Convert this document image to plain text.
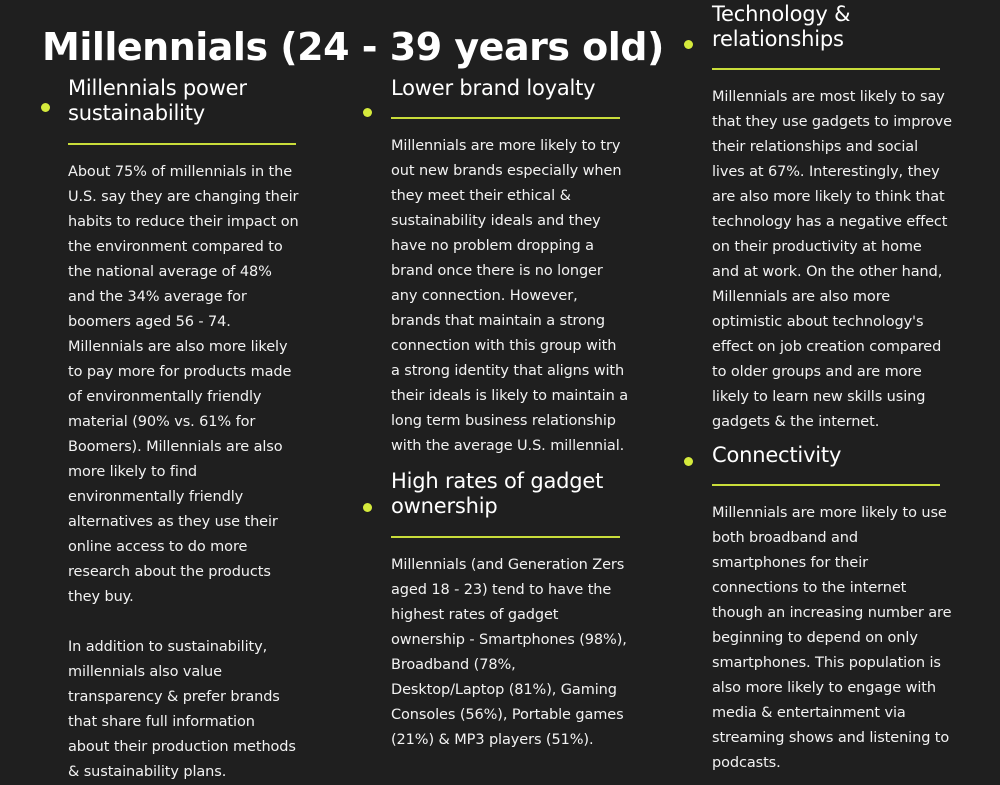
Millennials (24 - 39 years old)
Millennials power
sustainability

About 75% of millennials in the U.S. say they are changing their habits to reduce their impact on the environment compared to the national average of 48% and the 34% average for boomers aged 56 - 74. Millennials are also more likely to pay more for products made of environmentally friendly material (90% vs. 61% for Boomers). Millennials are also more likely to find environmentally friendly alternatives as they use their online access to do more research about the products they buy.

In addition to sustainability, millennials also value transparency & prefer brands that share full information about their production methods & sustainability plans.

Lower brand loyalty

Millennials are more likely to try out new brands especially when they meet their ethical & sustainability ideals and they have no problem dropping a brand once there is no longer any connection. However, brands that maintain a strong connection with this group with a strong identity that aligns with their ideals is likely to maintain a long term business relationship with the average U.S. millennial.

High rates of gadget
ownership

Millennials (and Generation Zers aged 18 - 23) tend to have the highest rates of gadget ownership - Smartphones (98%), Broadband (78%, Desktop/Laptop (81%), Gaming Consoles (56%), Portable games (21%) & MP3 players (51%).

Technology &
relationships

Millennials are most likely to say that they use gadgets to improve their relationships and social lives at 67%. Interestingly, they are also more likely to think that technology has a negative effect on their productivity at home and at work. On the other hand, Millennials are also more optimistic about technology's effect on job creation compared to older groups and are more likely to learn new skills using gadgets & the internet.

Connectivity

Millennials are more likely to use both broadband and smartphones for their connections to the internet though an increasing number are beginning to depend on only smartphones. This population is also more likely to engage with media & entertainment via streaming shows and listening to podcasts.
